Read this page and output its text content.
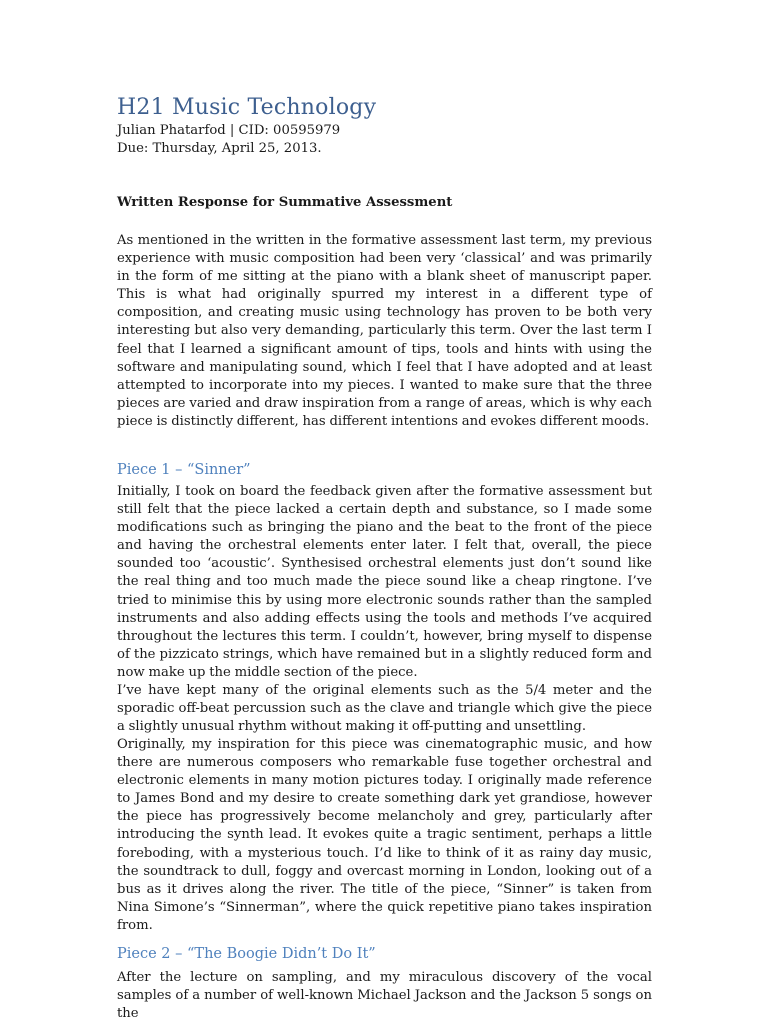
H21 Music Technology
Julian Phatarfod | CID: 00595979
Due: Thursday, April 25, 2013.
Written Response for Summative Assessment

As mentioned in the written in the formative assessment last term, my previous experience with music composition had been very ‘classical’ and was primarily in the form of me sitting at the piano with a blank sheet of manuscript paper. This is what had originally spurred my interest in a different type of composition, and creating music using technology has proven to be both very interesting but also very demanding, particularly this term. Over the last term I feel that I learned a significant amount of tips, tools and hints with using the software and manipulating sound, which I feel that I have adopted and at least attempted to incorporate into my pieces. I wanted to make sure that the three pieces are varied and draw inspiration from a range of areas, which is why each piece is distinctly different, has different intentions and evokes different moods.

Piece 1 – “Sinner”

Initially, I took on board the feedback given after the formative assessment but still felt that the piece lacked a certain depth and substance, so I made some modifications such as bringing the piano and the beat to the front of the piece and having the orchestral elements enter later. I felt that, overall, the piece sounded too ‘acoustic’. Synthesised orchestral elements just don’t sound like the real thing and too much made the piece sound like a cheap ringtone. I’ve tried to minimise this by using more electronic sounds rather than the sampled instruments and also adding effects using the tools and methods I’ve acquired throughout the lectures this term. I couldn’t, however, bring myself to dispense of the pizzicato strings, which have remained but in a slightly reduced form and now make up the middle section of the piece.

I’ve have kept many of the original elements such as the 5/4 meter and the sporadic off-beat percussion such as the clave and triangle which give the piece a slightly unusual rhythm without making it off-putting and unsettling.

Originally, my inspiration for this piece was cinematographic music, and how there are numerous composers who remarkable fuse together orchestral and electronic elements in many motion pictures today. I originally made reference to James Bond and my desire to create something dark yet grandiose, however the piece has progressively become melancholy and grey, particularly after introducing the synth lead. It evokes quite a tragic sentiment, perhaps a little foreboding, with a mysterious touch. I’d like to think of it as rainy day music, the soundtrack to dull, foggy and overcast morning in London, looking out of a bus as it drives along the river. The title of the piece, “Sinner” is taken from Nina Simone’s “Sinnerman”, where the quick repetitive piano takes inspiration from.

Piece 2 – “The Boogie Didn’t Do It”

After the lecture on sampling, and my miraculous discovery of the vocal samples of a number of well-known Michael Jackson and the Jackson 5 songs on the
